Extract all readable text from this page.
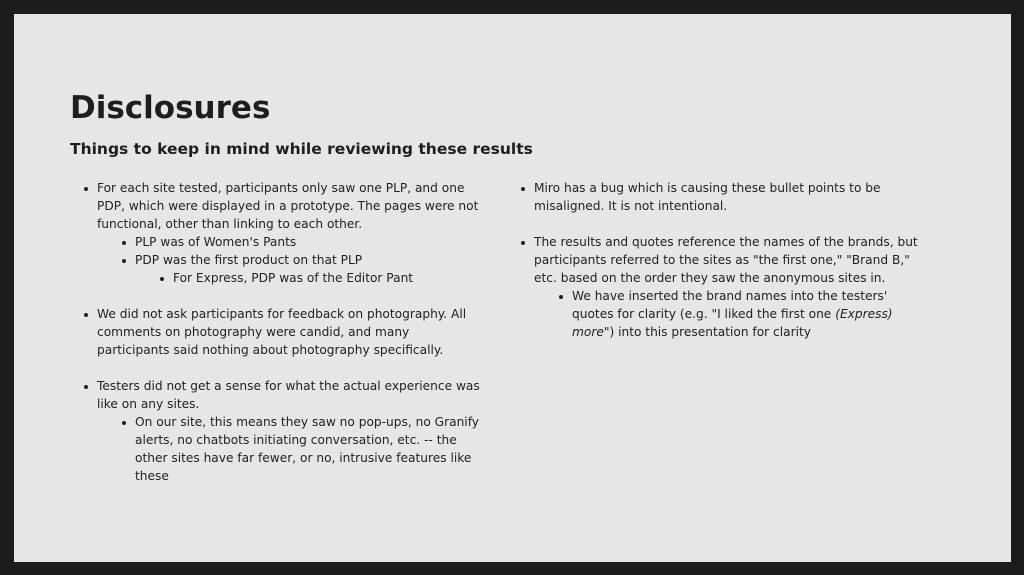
Disclosures
Things to keep in mind while reviewing these results
For each site tested, participants only saw one PLP, and one PDP, which were displayed in a prototype. The pages were not functional, other than linking to each other.
PLP was of Women's Pants
PDP was the first product on that PLP
For Express, PDP was of the Editor Pant
We did not ask participants for feedback on photography. All comments on photography were candid, and many participants said nothing about photography specifically.
Testers did not get a sense for what the actual experience was like on any sites.
On our site, this means they saw no pop-ups, no Granify alerts, no chatbots initiating conversation, etc. -- the other sites have far fewer, or no, intrusive features like these
Miro has a bug which is causing these bullet points to be misaligned. It is not intentional.
The results and quotes reference the names of the brands, but participants referred to the sites as "the first one," "Brand B," etc. based on the order they saw the anonymous sites in.
We have inserted the brand names into the testers' quotes for clarity (e.g. "I liked the first one (Express) more") into this presentation for clarity
